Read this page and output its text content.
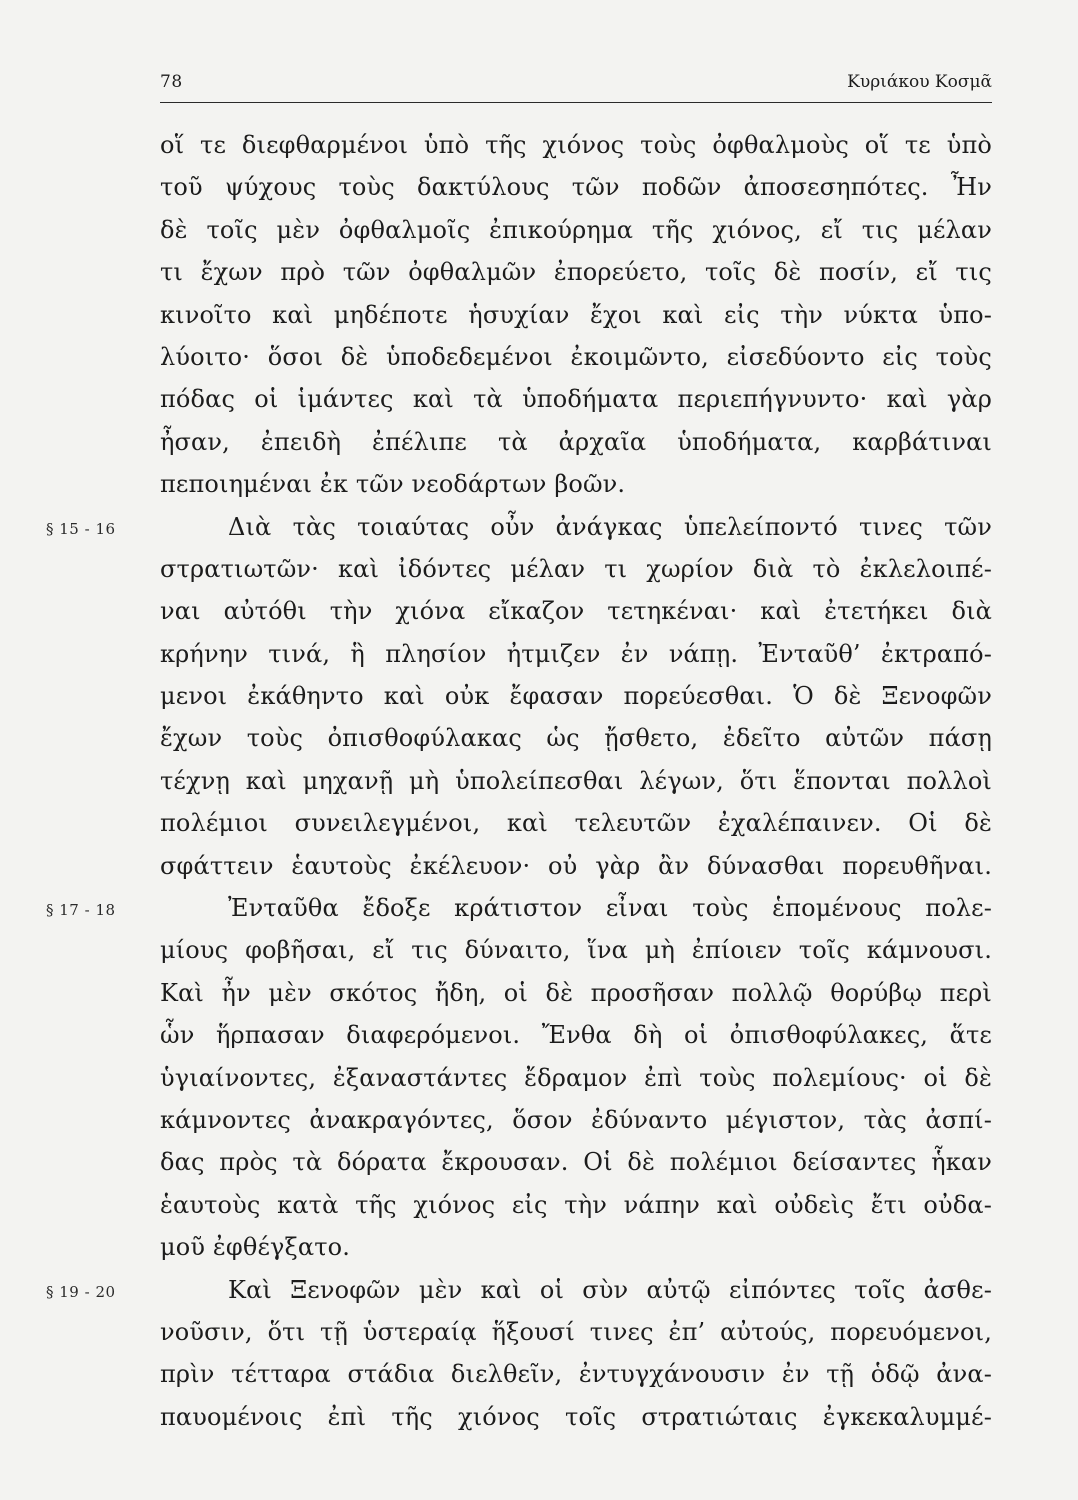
78	Κυριάκου Κοσμᾶ
οἵ τε διεφθαρμένοι ὑπὸ τῆς χιόνος τοὺς ὀφθαλμοὺς οἵ τε ὑπὸ
τοῦ ψύχους τοὺς δακτύλους τῶν ποδῶν ἀποσεσηπότες. Ἦν
δὲ τοῖς μὲν ὀφθαλμοῖς ἐπικούρημα τῆς χιόνος, εἴ τις μέλαν
τι ἔχων πρὸ τῶν ὀφθαλμῶν ἐπορεύετο, τοῖς δὲ ποσίν, εἴ τις
κινοῖτο καὶ μηδέποτε ἡσυχίαν ἔχοι καὶ εἰς τὴν νύκτα ὑπο-
λύοιτο· ὅσοι δὲ ὑποδεδεμένοι ἐκοιμῶντο, εἰσεδύοντο εἰς τοὺς
πόδας οἱ ἱμάντες καὶ τὰ ὑποδήματα περιεπήγνυντο· καὶ γὰρ
ἦσαν, ἐπειδὴ ἐπέλιπε τὰ ἀρχαῖα ὑποδήματα, καρβάτιναι
πεποιημέναι ἐκ τῶν νεοδάρτων βοῶν.
§ 15 - 16	Διὰ τὰς τοιαύτας οὖν ἀνάγκας ὑπελείποντό τινες τῶν
στρατιωτῶν· καὶ ἰδόντες μέλαν τι χωρίον διὰ τὸ ἐκλελοιπέ-
ναι αὐτόθι τὴν χιόνα εἴκαζον τετηκέναι· καὶ ἐτετήκει διὰ
κρήνην τινά, ἣ πλησίον ἠτμιζεν ἐν νάπῃ. Ἐνταῦθ’ ἐκτραπό-
μενοι ἐκάθηντο καὶ οὐκ ἔφασαν πορεύεσθαι. Ὁ δὲ Ξενοφῶν
ἔχων τοὺς ὀπισθοφύλακας ὡς ᾔσθετο, ἐδεῖτο αὐτῶν πάσῃ
τέχνῃ καὶ μηχανῇ μὴ ὑπολείπεσθαι λέγων, ὅτι ἕπονται πολλοὶ
πολέμιοι συνειλεγμένοι, καὶ τελευτῶν ἐχαλέπαινεν. Οἱ δὲ
σφάττειν ἑαυτοὺς ἐκέλευον· οὐ γὰρ ἂν δύνασθαι πορευθῆναι.
§ 17 - 18	Ἐνταῦθα ἔδοξε κράτιστον εἶναι τοὺς ἑπομένους πολε-
μίους φοβῆσαι, εἴ τις δύναιτο, ἵνα μὴ ἐπίοιεν τοῖς κάμνουσι.
Καὶ ἦν μὲν σκότος ἤδη, οἱ δὲ προσῆσαν πολλῷ θορύβῳ περὶ
ὧν ἥρπασαν διαφερόμενοι. Ἔνθα δὴ οἱ ὀπισθοφύλακες, ἅτε
ὑγιαίνοντες, ἐξαναστάντες ἔδραμον ἐπὶ τοὺς πολεμίους· οἱ δὲ
κάμνοντες ἀνακραγόντες, ὅσον ἐδύναντο μέγιστον, τὰς ἀσπί-
δας πρὸς τὰ δόρατα ἔκρουσαν. Οἱ δὲ πολέμιοι δείσαντες ἧκαν
ἑαυτοὺς κατὰ τῆς χιόνος εἰς τὴν νάπην καὶ οὐδεὶς ἔτι οὐδα-
μοῦ ἐφθέγξατο.
§ 19 - 20	Καὶ Ξενοφῶν μὲν καὶ οἱ σὺν αὐτῷ εἰπόντες τοῖς ἀσθε-
νοῦσιν, ὅτι τῇ ὑστεραίᾳ ἥξουσί τινες ἐπ’ αὐτούς, πορευόμενοι,
πρὶν τέτταρα στάδια διελθεῖν, ἐντυγχάνουσιν ἐν τῇ ὁδῷ ἀνα-
παυομένοις ἐπὶ τῆς χιόνος τοῖς στρατιώταις ἐγκεκαλυμμέ-
